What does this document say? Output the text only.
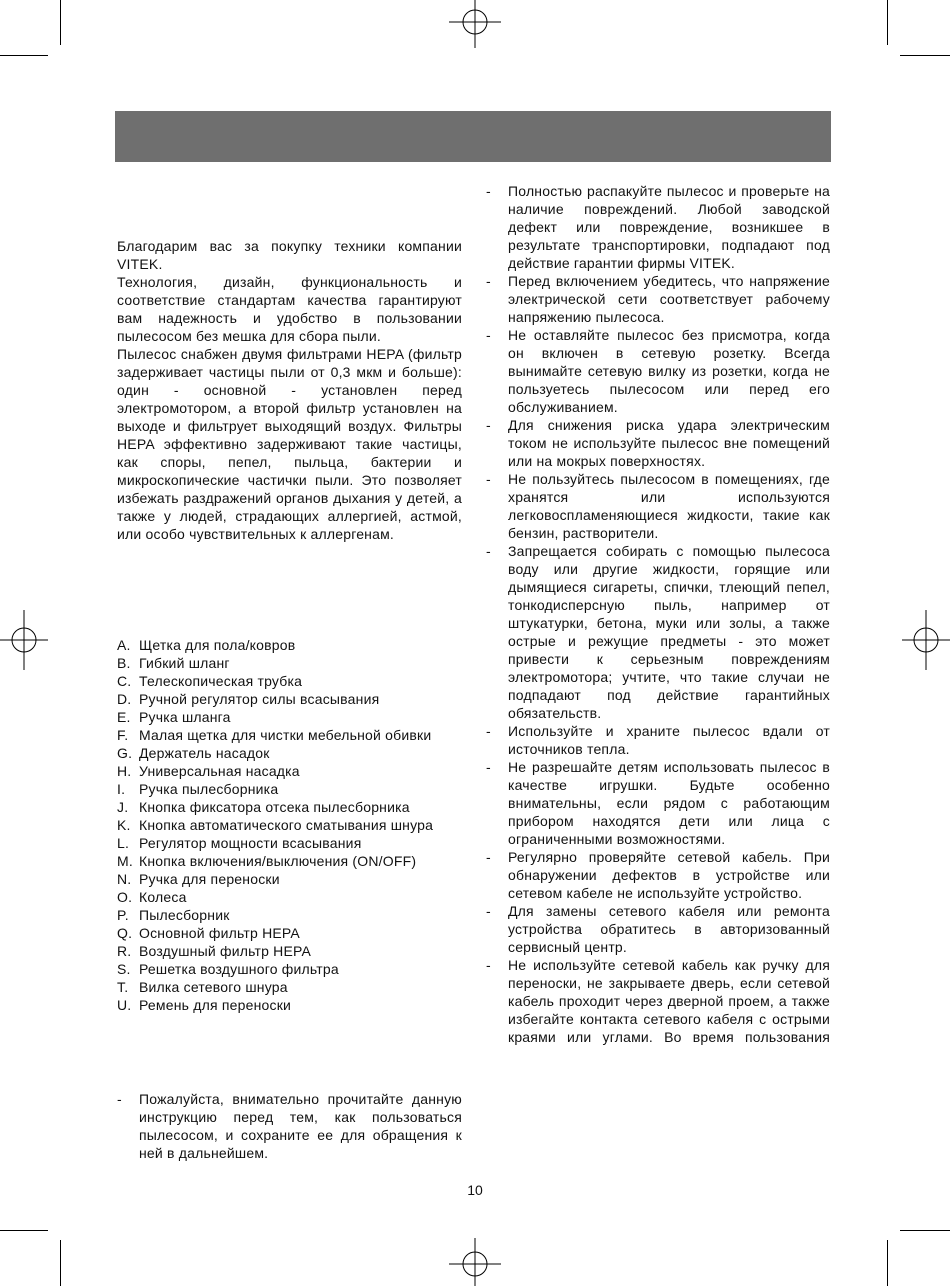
Благодарим вас за покупку техники компании VITEK.

Технология, дизайн, функциональность и соответствие стандартам качества гарантируют вам надежность и удобство в пользовании пылесосом без мешка для сбора пыли.

Пылесос снабжен двумя фильтрами HEPA (фильтр задерживает частицы пыли от 0,3 мкм и больше): один - основной - установлен перед электромотором, а второй фильтр установлен на выходе и фильтрует выходящий воздух. Фильтры HEPA эффективно задерживают такие частицы, как споры, пепел, пыльца, бактерии и микроскопические частички пыли. Это позволяет избежать раздражений органов дыхания у детей, а также у людей, страдающих аллергией, астмой, или особо чувствительных к аллергенам.

A. Щетка для пола/ковров
B. Гибкий шланг
C. Телескопическая трубка
D. Ручной регулятор силы всасывания
E. Ручка шланга
F. Малая щетка для чистки мебельной обивки
G. Держатель насадок
H. Универсальная насадка
I. Ручка пылесборника
J. Кнопка фиксатора отсека пылесборника
K. Кнопка автоматического сматывания шнура
L. Регулятор мощности всасывания
M. Кнопка включения/выключения (ON/OFF)
N. Ручка для переноски
O. Колеса
P. Пылесборник
Q. Основной фильтр HEPA
R. Воздушный фильтр HEPA
S. Решетка воздушного фильтра
T. Вилка сетевого шнура
U. Ремень для переноски
- Пожалуйста, внимательно прочитайте данную инструкцию перед тем, как пользоваться пылесосом, и сохраните ее для обращения к ней в дальнейшем.
- Полностью распакуйте пылесос и проверьте на наличие повреждений. Любой заводской дефект или повреждение, возникшее в результате транспортировки, подпадают под действие гарантии фирмы VITEK.
- Перед включением убедитесь, что напряжение электрической сети соответствует рабочему напряжению пылесоса.
- Не оставляйте пылесос без присмотра, когда он включен в сетевую розетку. Всегда вынимайте сетевую вилку из розетки, когда не пользуетесь пылесосом или перед его обслуживанием.
- Для снижения риска удара электрическим током не используйте пылесос вне помещений или на мокрых поверхностях.
- Не пользуйтесь пылесосом в помещениях, где хранятся или используются легковоспламеняющиеся жидкости, такие как бензин, растворители.
- Запрещается собирать с помощью пылесоса воду или другие жидкости, горящие или дымящиеся сигареты, спички, тлеющий пепел, тонкодисперсную пыль, например от штукатурки, бетона, муки или золы, а также острые и режущие предметы - это может привести к серьезным повреждениям электромотора; учтите, что такие случаи не подпадают под действие гарантийных обязательств.
- Используйте и храните пылесос вдали от источников тепла.
- Не разрешайте детям использовать пылесос в качестве игрушки. Будьте особенно внимательны, если рядом с работающим прибором находятся дети или лица с ограниченными возможностями.
- Регулярно проверяйте сетевой кабель. При обнаружении дефектов в устройстве или сетевом кабеле не используйте устройство.
- Для замены сетевого кабеля или ремонта устройства обратитесь в авторизованный сервисный центр.
- Не используйте сетевой кабель как ручку для переноски, не закрываете дверь, если сетевой кабель проходит через дверной проем, а также избегайте контакта сетевого кабеля с острыми краями или углами. Во время пользования
10
